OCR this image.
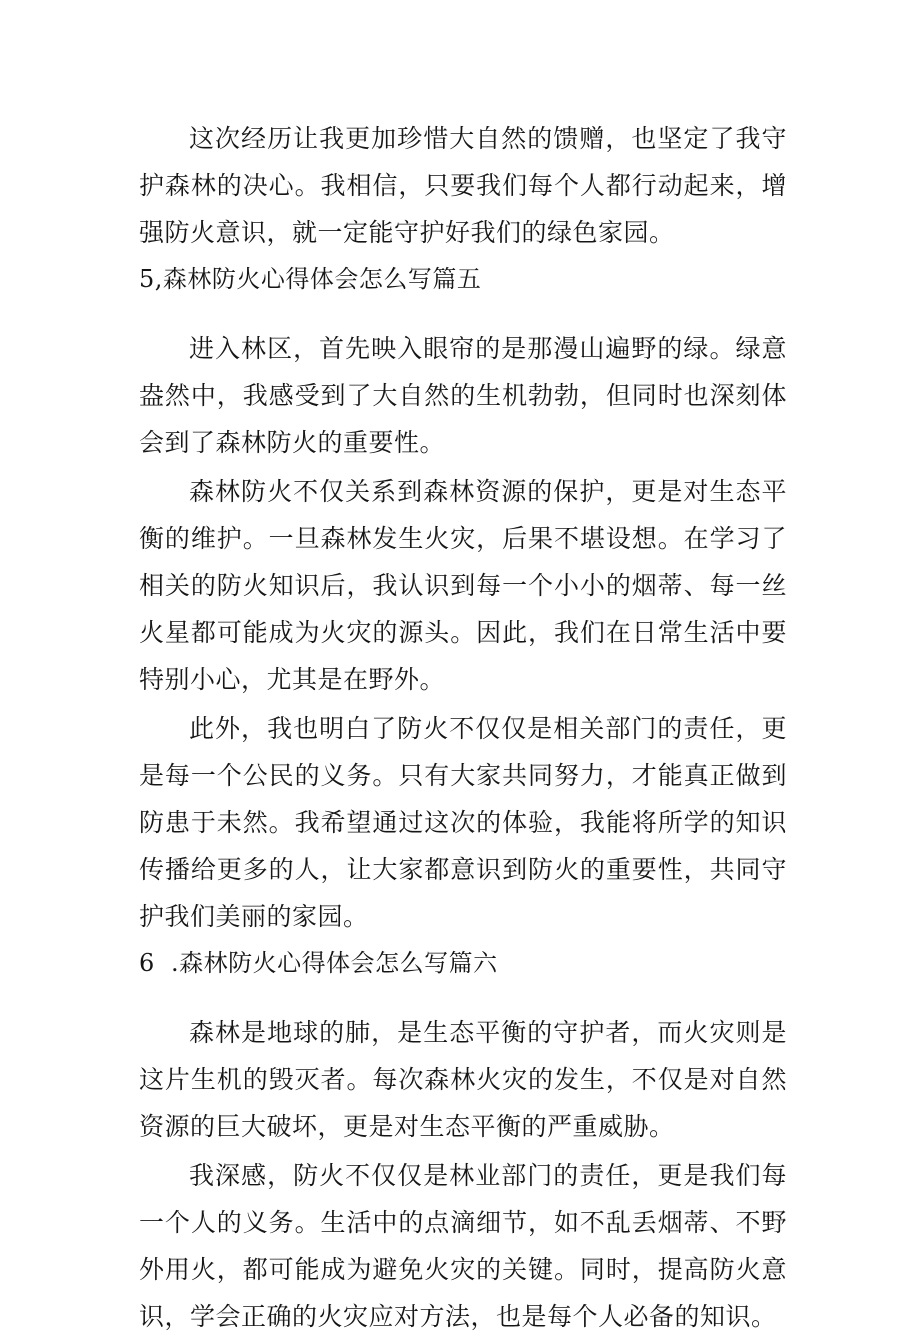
这次经历让我更加珍惜大自然的馈赠，也坚定了我守护森林的决心。我相信，只要我们每个人都行动起来，增强防火意识，就一定能守护好我们的绿色家园。

5,森林防火心得体会怎么写篇五

进入林区，首先映入眼帘的是那漫山遍野的绿。绿意盎然中，我感受到了大自然的生机勃勃，但同时也深刻体会到了森林防火的重要性。

森林防火不仅关系到森林资源的保护，更是对生态平衡的维护。一旦森林发生火灾，后果不堪设想。在学习了相关的防火知识后，我认识到每一个小小的烟蒂、每一丝火星都可能成为火灾的源头。因此，我们在日常生活中要特别小心，尤其是在野外。

此外，我也明白了防火不仅仅是相关部门的责任，更是每一个公民的义务。只有大家共同努力，才能真正做到防患于未然。我希望通过这次的体验，我能将所学的知识传播给更多的人，让大家都意识到防火的重要性，共同守护我们美丽的家园。

6  .森林防火心得体会怎么写篇六

森林是地球的肺，是生态平衡的守护者，而火灾则是这片生机的毁灭者。每次森林火灾的发生，不仅是对自然资源的巨大破坏，更是对生态平衡的严重威胁。

我深感，防火不仅仅是林业部门的责任，更是我们每一个人的义务。生活中的点滴细节，如不乱丢烟蒂、不野外用火，都可能成为避免火灾的关键。同时，提高防火意识，学会正确的火灾应对方法，也是每个人必备的知识。
